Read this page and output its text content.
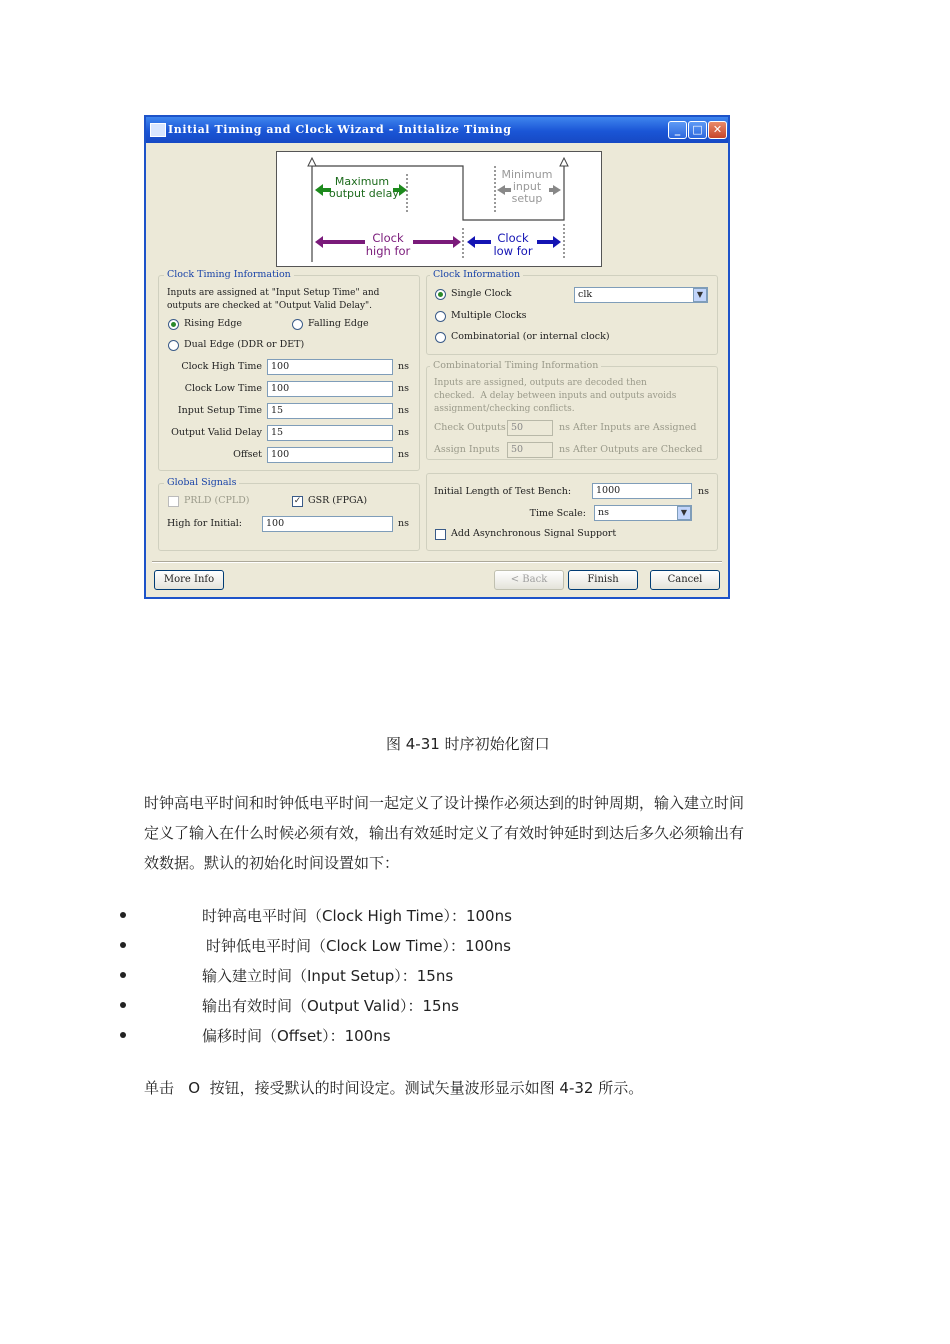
Initial Timing and Clock Wizard - Initialize Timing	_	□ ✕
Maximum
output delay
Minimum
input
setup
Clock
high for
Clock
low for
Clock Timing Information
Inputs are assigned at "Input Setup Time" and
outputs are checked at "Output Valid Delay".
Rising Edge	Falling Edge
Dual Edge (DDR or DET)
Clock High Time 100	ns
Clock Low Time 100	ns
Input Setup Time 15	ns
Output Valid Delay 15	ns
Offset 100	ns
Clock Information
Single Clock	clk	▼
Multiple Clocks
Combinatorial (or internal clock)
Combinatorial Timing Information
Inputs are assigned, outputs are decoded then
checked.  A delay between inputs and outputs avoids
assignment/checking conflicts.
Check Outputs 50	ns After Inputs are Assigned
Assign Inputs	50	ns After Outputs are Checked
Global Signals
PRLD (CPLD)	✓ GSR (FPGA)
High for Initial:	100	ns
Initial Length of Test Bench:	1000	ns
Time Scale:	ns	▼
Add Asynchronous Signal Support
More Info	< Back	Finish	Cancel
图 4-31 时序初始化窗口
时钟高电平时间和时钟低电平时间一起定义了设计操作必须达到的时钟周期，输入建立时间
定义了输入在什么时候必须有效，输出有效延时定义了有效时钟延时到达后多久必须输出有
效数据。默认的初始化时间设置如下：
时钟高电平时间（Clock High Time）：100ns
时钟低电平时间（Clock Low Time）：100ns
输入建立时间（Input Setup）：15ns
输出有效时间（Output Valid）：15ns
偏移时间（Offset）：100ns
单击   O  按钮，接受默认的时间设定。测试矢量波形显示如图 4-32 所示。
